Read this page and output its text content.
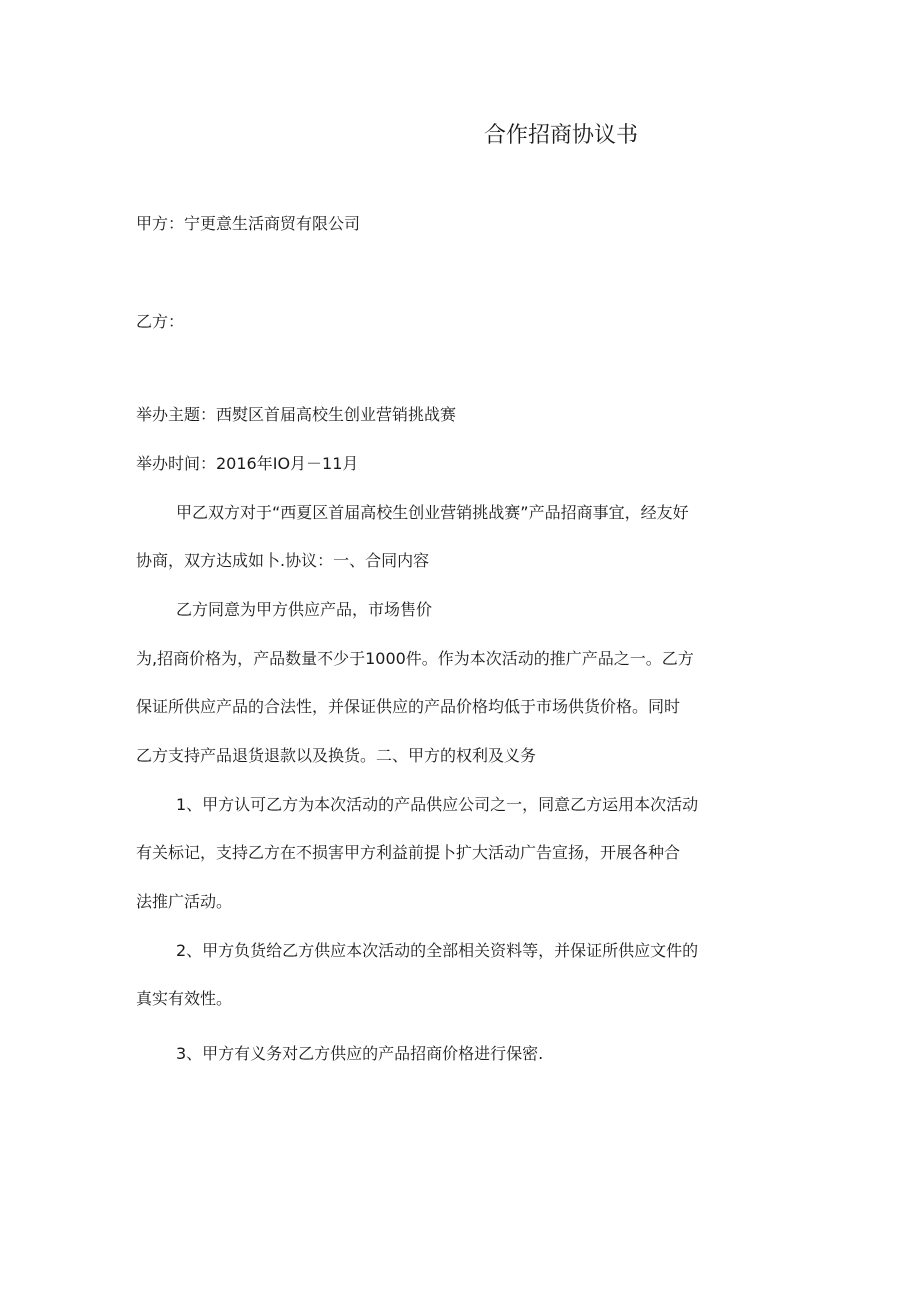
合作招商协议书
甲方：宁更意生活商贸有限公司
乙方：
举办主题：西熨区首届高校生创业营销挑战赛
举办时间：2016年IO月－11月
甲乙双方对于“西夏区首届高校生创业营销挑战赛”产品招商事宜，经友好
协商，双方达成如卜.协议：一、合同内容
乙方同意为甲方供应产品，市场售价
为,招商价格为，产品数量不少于1000件。作为本次活动的推广产品之一。乙方
保证所供应产品的合法性，并保证供应的产品价格均低于市场供货价格。同时
乙方支持产品退货退款以及换货。二、甲方的权利及义务
1、甲方认可乙方为本次活动的产品供应公司之一，同意乙方运用本次活动
有关标记，支持乙方在不损害甲方利益前提卜扩大活动广告宣扬，开展各种合
法推广活动。
2、甲方负货给乙方供应本次活动的全部相关资料等，并保证所供应文件的
真实有效性。
3、甲方有义务对乙方供应的产品招商价格进行保密.
